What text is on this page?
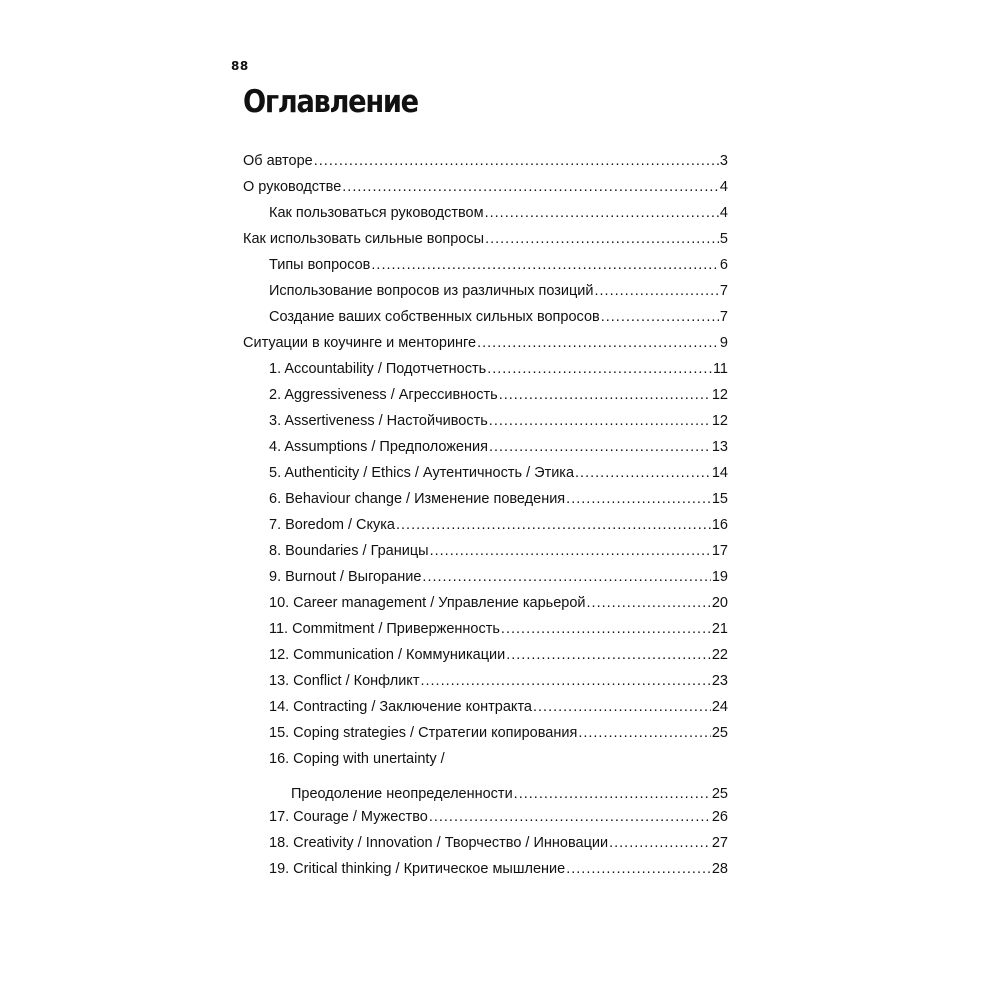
88
Оглавление
Об авторе .....	3
О руководстве .....	4
Как пользоваться руководством .....	4
Как использовать сильные вопросы .....	5
Типы вопросов .....	6
Использование вопросов из различных позиций .....	7
Создание ваших собственных сильных вопросов .....	7
Ситуации в коучинге и менторинге .....	9
1. Accountability / Подотчетность .....	11
2. Aggressiveness / Агрессивность .....	12
3. Assertiveness / Настойчивость .....	12
4. Assumptions / Предположения .....	13
5. Authenticity / Ethics / Аутентичность / Этика .....	14
6. Behaviour change / Изменение поведения .....	15
7. Boredom / Скука .....	16
8. Boundaries / Границы .....	17
9. Burnout / Выгорание .....	19
10. Career management / Управление карьерой .....	20
11. Commitment / Приверженность .....	21
12. Communication / Коммуникации .....	22
13. Conflict / Конфликт .....	23
14. Contracting / Заключение контракта .....	24
15. Coping strategies / Стратегии копирования .....	25
16. Coping with unertainty /
Преодоление неопределенности .....	25
17. Courage / Мужество .....	26
18. Creativity / Innovation / Творчество / Инновации .....	27
19. Critical thinking / Критическое мышление .....	28
